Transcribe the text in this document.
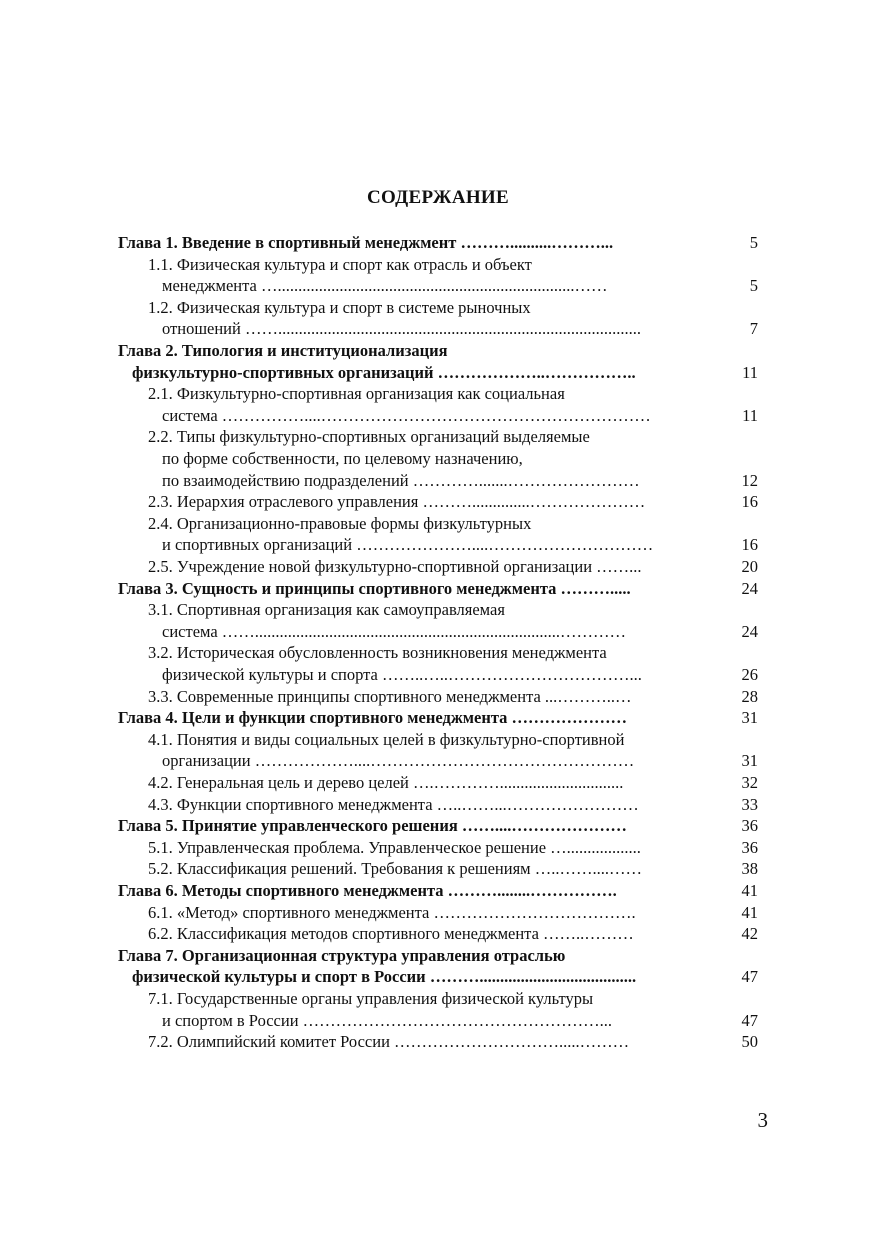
СОДЕРЖАНИЕ
Глава 1. Введение в спортивный менеджмент ………..........………...	5
1.1. Физическая культура и спорт как отрасль и объект
менеджмента …........................................................................……	5
1.2. Физическая культура и спорт в системе рыночных
отношений ……........................................................................................	7
Глава 2. Типология и институционализация
физкультурно-спортивных организаций ………………..……………..	11
2.1. Физкультурно-спортивная организация как социальная
система ……………....……………………………………………………	11
2.2. Типы физкультурно-спортивных организаций выделяемые
по форме собственности, по целевому назначению,
по взаимодействию подразделений ………….......……………………	12
2.3. Иерархия отраслевого управления ………..............…………………	16
2.4. Организационно-правовые формы физкультурных
и спортивных организаций …………………....…………………………	16
2.5. Учреждение новой физкультурно-спортивной организации ……...	20
Глава 3. Сущность и принципы спортивного менеджмента ……….....	24
3.1. Спортивная организация как самоуправляемая
система ……..........................................................................…………	24
3.2. Историческая обусловленность возникновения менеджмента
физической культуры и спорта ……..…..……………………………...	26
3.3. Современные принципы спортивного менеджмента ...………..…	28
Глава 4. Цели и функции спортивного менеджмента …………………	31
4.1. Понятия и виды социальных целей в физкультурно-спортивной
организации ………………....…………………………………………	31
4.2. Генеральная цель и дерево целей ….…………..............................	32
4.3. Функции спортивного менеджмента …..……...……………………	33
Глава 5. Принятие управленческого решения ……....…………………	36
5.1. Управленческая проблема. Управленческое решение …..................	36
5.2. Классификация решений. Требования к решениям …..……....……	38
Глава 6. Методы спортивного менеджмента ………........…………….	41
6.1. «Метод» спортивного менеджмента ……………………………….	41
6.2. Классификация методов спортивного менеджмента ……..………	42
Глава 7. Организационная структура управления отраслью
физической культуры и спорт в России ………......................................	47
7.1. Государственные органы управления физической культуры
и спортом в России ………………………………………………...	47
7.2. Олимпийский комитет России ………………………….....………	50
3
